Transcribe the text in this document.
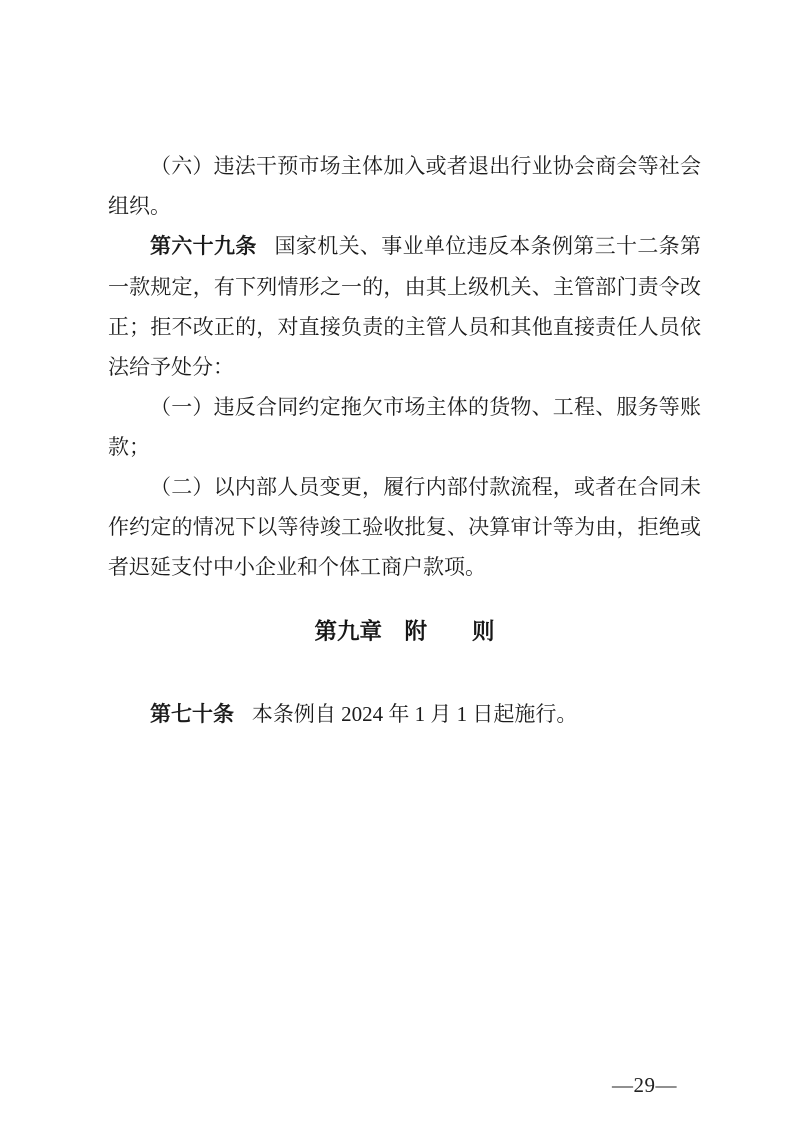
（六）违法干预市场主体加入或者退出行业协会商会等社会组织。

第六十九条 国家机关、事业单位违反本条例第三十二条第一款规定，有下列情形之一的，由其上级机关、主管部门责令改正；拒不改正的，对直接负责的主管人员和其他直接责任人员依法给予处分：

（一）违反合同约定拖欠市场主体的货物、工程、服务等账款；

（二）以内部人员变更，履行内部付款流程，或者在合同未作约定的情况下以等待竣工验收批复、决算审计等为由，拒绝或者迟延支付中小企业和个体工商户款项。

第九章　附　　则

第七十条 本条例自 2024 年 1 月 1 日起施行。

—29—
